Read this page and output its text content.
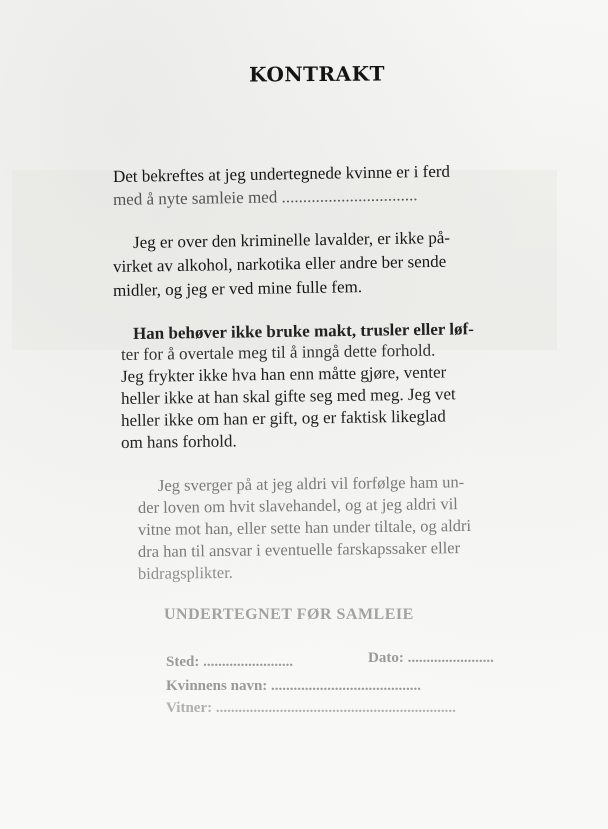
KONTRAKT
Det bekreftes at jeg undertegnede kvinne er i ferd
med å nyte samleie med ................................
Jeg er over den kriminelle lavalder, er ikke på-
virket av alkohol, narkotika eller andre ber sende
midler, og jeg er ved mine fulle fem.
Han behøver ikke bruke makt, trusler eller løf-
ter for å overtale meg til å inngå dette forhold.
Jeg frykter ikke hva han enn måtte gjøre, venter
heller ikke at han skal gifte seg med meg. Jeg vet
heller ikke om han er gift, og er faktisk likeglad
om hans forhold.
Jeg sverger på at jeg aldri vil forfølge ham un-
der loven om hvit slavehandel, og at jeg aldri vil
vitne mot han, eller sette han under tiltale, og aldri
dra han til ansvar i eventuelle farskapssaker eller
bidragsplikter.
UNDERTEGNET FØR SAMLEIE
Sted: ........................	Dato: .......................
Kvinnens navn: ........................................
Vitner: ................................................................
